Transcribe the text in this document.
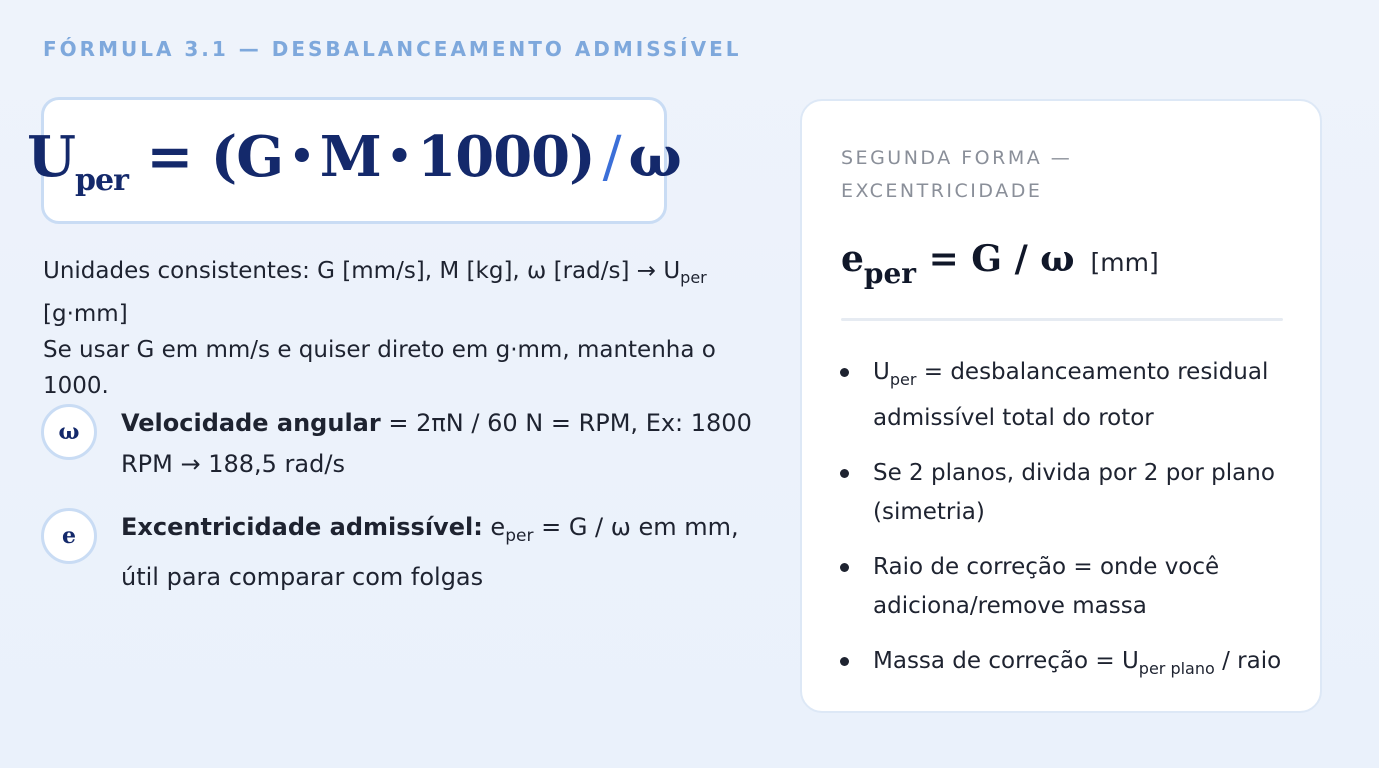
FÓRMULA 3.1 — DESBALANCEAMENTO ADMISSÍVEL
$U_{per} = (G$ • M • 1000) / ω
Unidades consistentes: G [mm/s], M [kg], ω $[rad/s] \to U_{per}$
[g·mm]
Se usar G em mm/s e quiser direto em g·mm, mantenha o 1000.
ω	Velocidade angular = 2πN / 60 N = RPM, Ex: 1800 RPM → 188,5 rad/s
e	Excentricidade admissível: $e_{per} = G / \omega$ em mm, útil para comparar com folgas
SEGUNDA FORMA — EXCENTRICIDADE
eper = G / ω [mm]
$U_{per}$ = desbalanceamento residual admissível total do rotor
Se 2 planos, divida por 2 por plano (simetria)
Raio de correção = onde você adiciona/remove massa
Massa de correção = $U_{per plano}$ / raio
